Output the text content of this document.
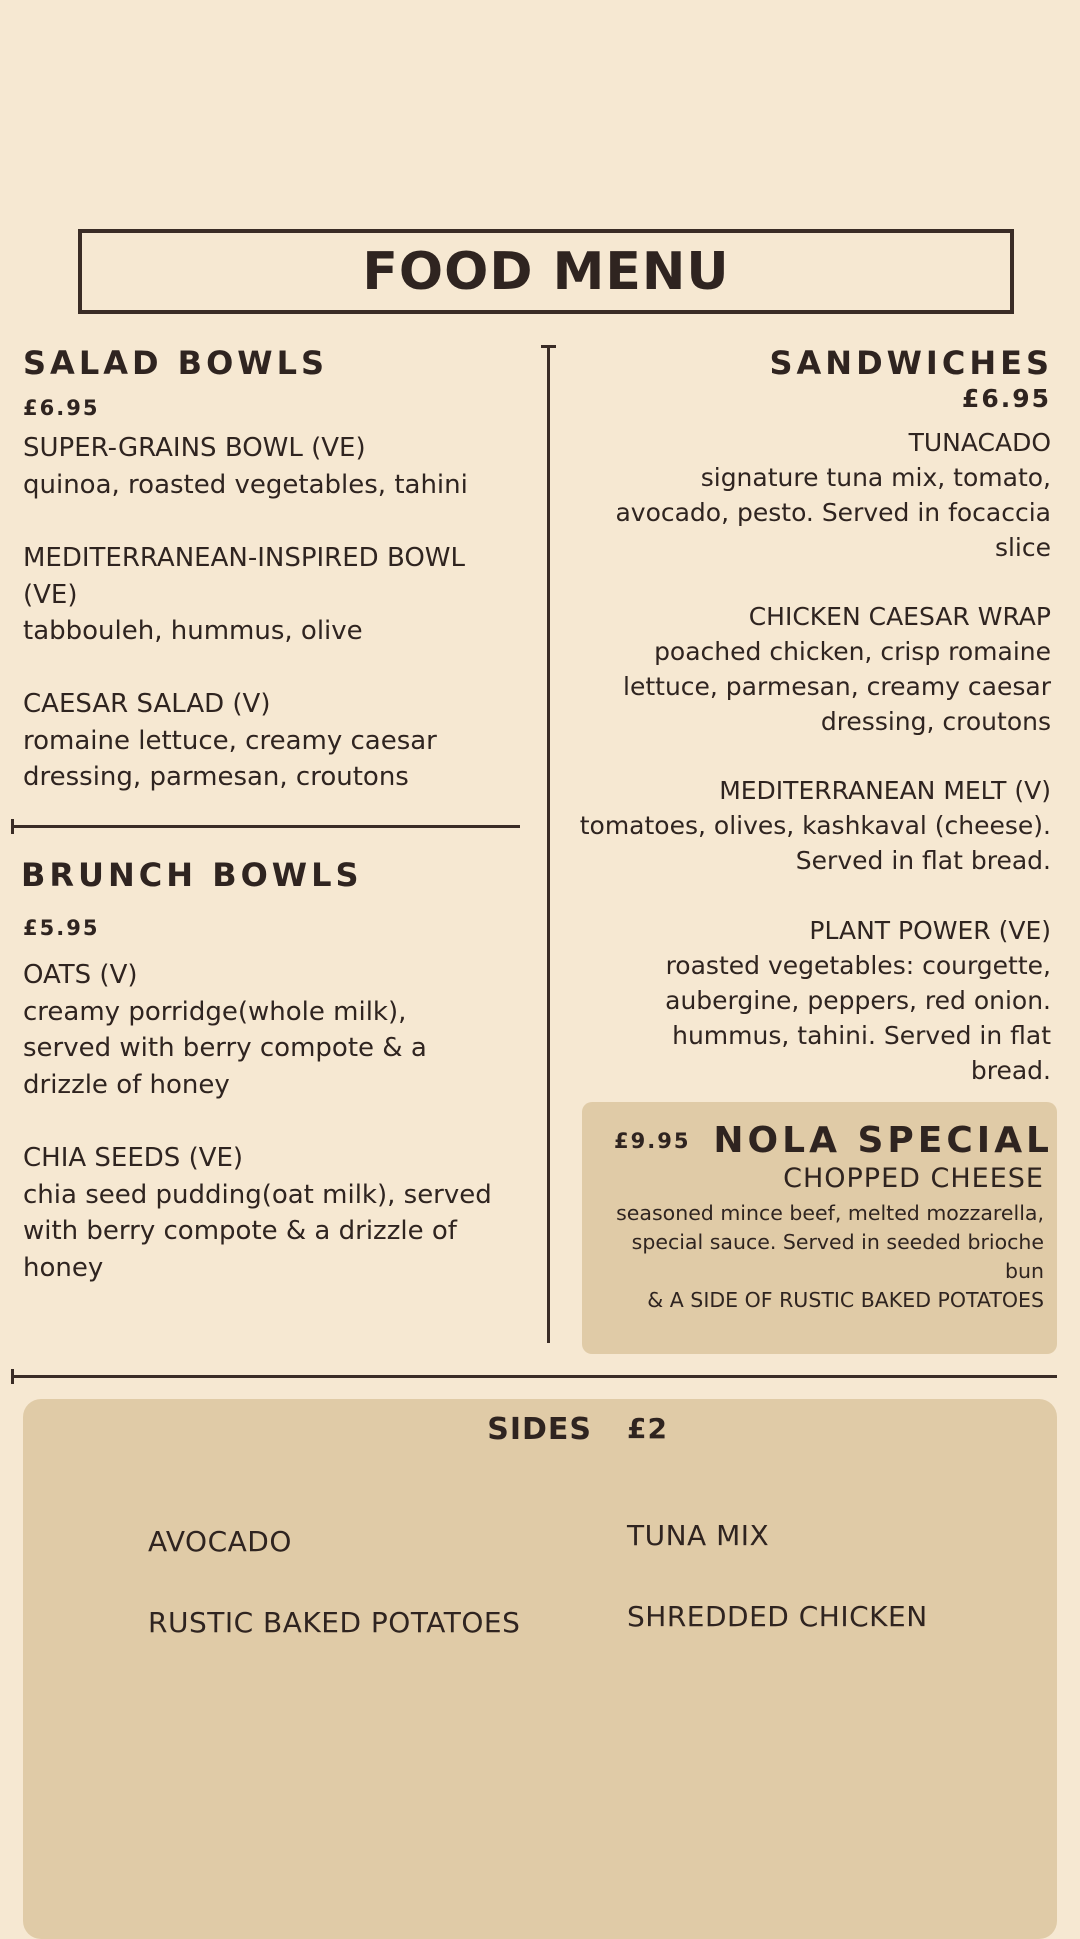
FOOD MENU
SALAD BOWLS
£6.95
SUPER-GRAINS BOWL (VE)
quinoa, roasted vegetables, tahini
MEDITERRANEAN-INSPIRED BOWL
(VE)
tabbouleh, hummus, olive
CAESAR SALAD (V)
romaine lettuce, creamy caesar
dressing, parmesan, croutons
BRUNCH BOWLS
£5.95
OATS (V)
creamy porridge(whole milk),
served with berry compote & a
drizzle of honey
CHIA SEEDS (VE)
chia seed pudding(oat milk), served
with berry compote & a drizzle of
honey
SANDWICHES
£6.95
TUNACADO
signature tuna mix, tomato,
avocado, pesto. Served in focaccia
slice
CHICKEN CAESAR WRAP
poached chicken, crisp romaine
lettuce, parmesan, creamy caesar
dressing, croutons
MEDITERRANEAN MELT (V)
tomatoes, olives, kashkaval (cheese).
Served in flat bread.
PLANT POWER (VE)
roasted vegetables: courgette,
aubergine, peppers, red onion.
hummus, tahini. Served in flat
bread.
£9.95 NOLA SPECIAL
CHOPPED CHEESE
seasoned mince beef, melted mozzarella,
special sauce. Served in seeded brioche
bun
& A SIDE OF RUSTIC BAKED POTATOES
SIDES £2
AVOCADO
RUSTIC BAKED POTATOES
TUNA MIX
SHREDDED CHICKEN
